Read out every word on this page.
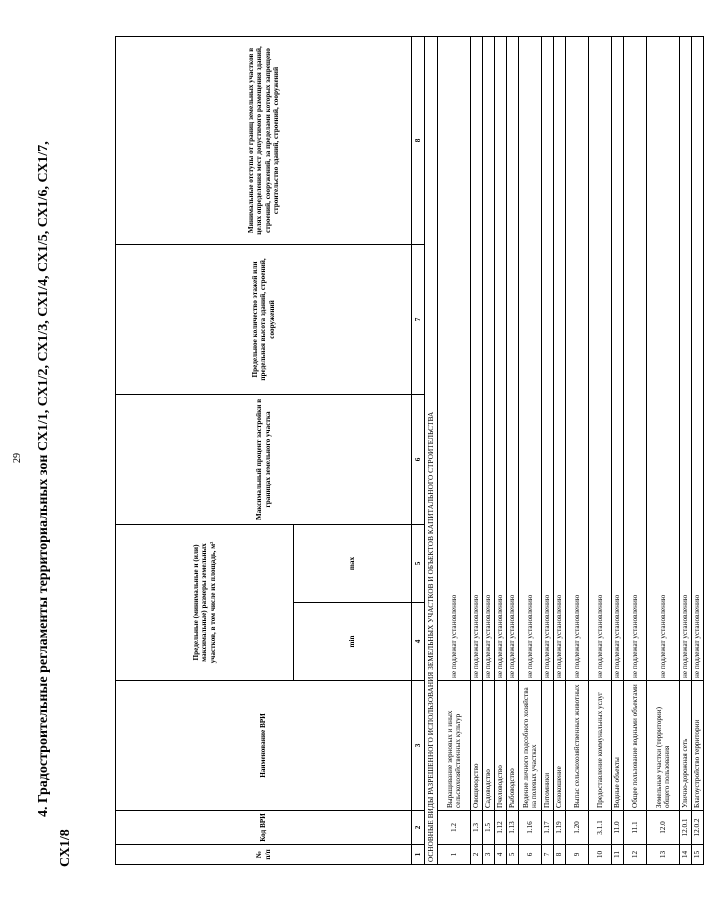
29 4. Градостроительные регламенты территориальных зон СХ1/1, СХ1/2, СХ1/3, СХ1/4, СХ1/5, СХ1/6, СХ1/7,
СХ1/8	№ п/п	Код ВРИ	Наименование ВРИ	Предельные (минимальные и (или) максимальные) размеры земельных участков, в том числе их площадь, м²		Максимальный процент застройки в границах земельного участка	Предельное количество этажей или предельная высота зданий, строений, сооружений	Минимальные отступы от границ земельных участков в целях определения мест допустимого размещения зданий, строений, сооружений, за пределами которых запрещено строительство зданий, строений, сооружений
			min	max			
1	2	3	4	5	6	7	8
ОСНОВНЫЕ ВИДЫ РАЗРЕШЕННОГО ИСПОЛЬЗОВАНИЯ ЗЕМЕЛЬНЫХ УЧАСТКОВ И ОБЪЕКТОВ КАПИТАЛЬНОГО СТРОИТЕЛЬСТВА							
1	1.2	Выращивание зерновых и иных сельскохозяйственных культур	не подлежат установлению				
2	1.3	Овощеводство	не подлежат установлению				
3	1.5	Садоводство	не подлежат установлению				
4	1.12	Пчеловодство	не подлежат установлению				
5	1.13	Рыбоводство	не подлежат установлению				
6	1.16	Ведение личного подсобного хозяйства на полевых участках	не подлежат установлению				
7	1.17	Питомники	не подлежат установлению				
8	1.19	Сенокошение	не подлежат установлению				
9	1.20	Выпас сельскохозяйственных животных	не подлежат установлению				
10	3.1.1	Предоставление коммунальных услуг	не подлежат установлению				
11	11.0	Водные объекты	не подлежат установлению				
12	11.1	Общее пользование водными объектами	не подлежат установлению				
13	12.0	Земельные участки (территории) общего пользования	не подлежат установлению				
14	12.0.1	Улично-дорожная сеть	не подлежат установлению				
15	12.0.2	Благоустройство территории	не подлежат установлению				
